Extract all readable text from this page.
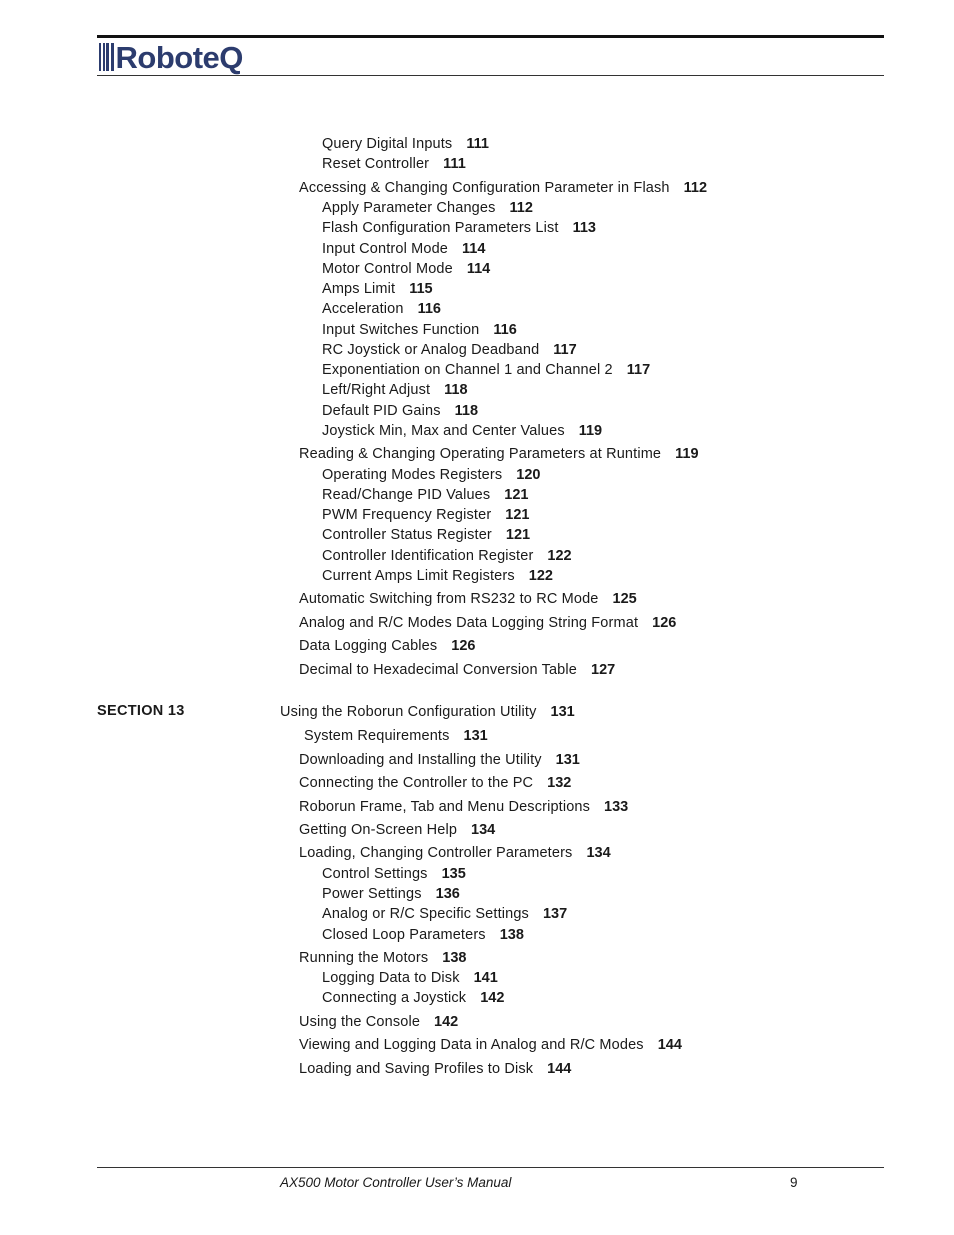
RoboteQ
SECTION 13
Query Digital Inputs 111
Reset Controller 111
Accessing & Changing Configuration Parameter in Flash 112
Apply Parameter Changes 112
Flash Configuration Parameters List 113
Input Control Mode 114
Motor Control Mode 114
Amps Limit 115
Acceleration 116
Input Switches Function 116
RC Joystick or Analog Deadband 117
Exponentiation on Channel 1 and Channel 2 117
Left/Right Adjust 118
Default PID Gains 118
Joystick Min, Max and Center Values 119
Reading & Changing Operating Parameters at Runtime 119
Operating Modes Registers 120
Read/Change PID Values 121
PWM Frequency Register 121
Controller Status Register 121
Controller Identification Register 122
Current Amps Limit Registers 122
Automatic Switching from RS232 to RC Mode 125
Analog and R/C Modes Data Logging String Format 126
Data Logging Cables 126
Decimal to Hexadecimal Conversion Table 127
Using the Roborun Configuration Utility 131
System Requirements 131
Downloading and Installing the Utility 131
Connecting the Controller to the PC 132
Roborun Frame, Tab and Menu Descriptions 133
Getting On-Screen Help 134
Loading, Changing Controller Parameters 134
Control Settings 135
Power Settings 136
Analog or R/C Specific Settings 137
Closed Loop Parameters 138
Running the Motors 138
Logging Data to Disk 141
Connecting a Joystick 142
Using the Console 142
Viewing and Logging Data in Analog and R/C Modes 144
Loading and Saving Profiles to Disk 144
AX500 Motor Controller User’s Manual	9
